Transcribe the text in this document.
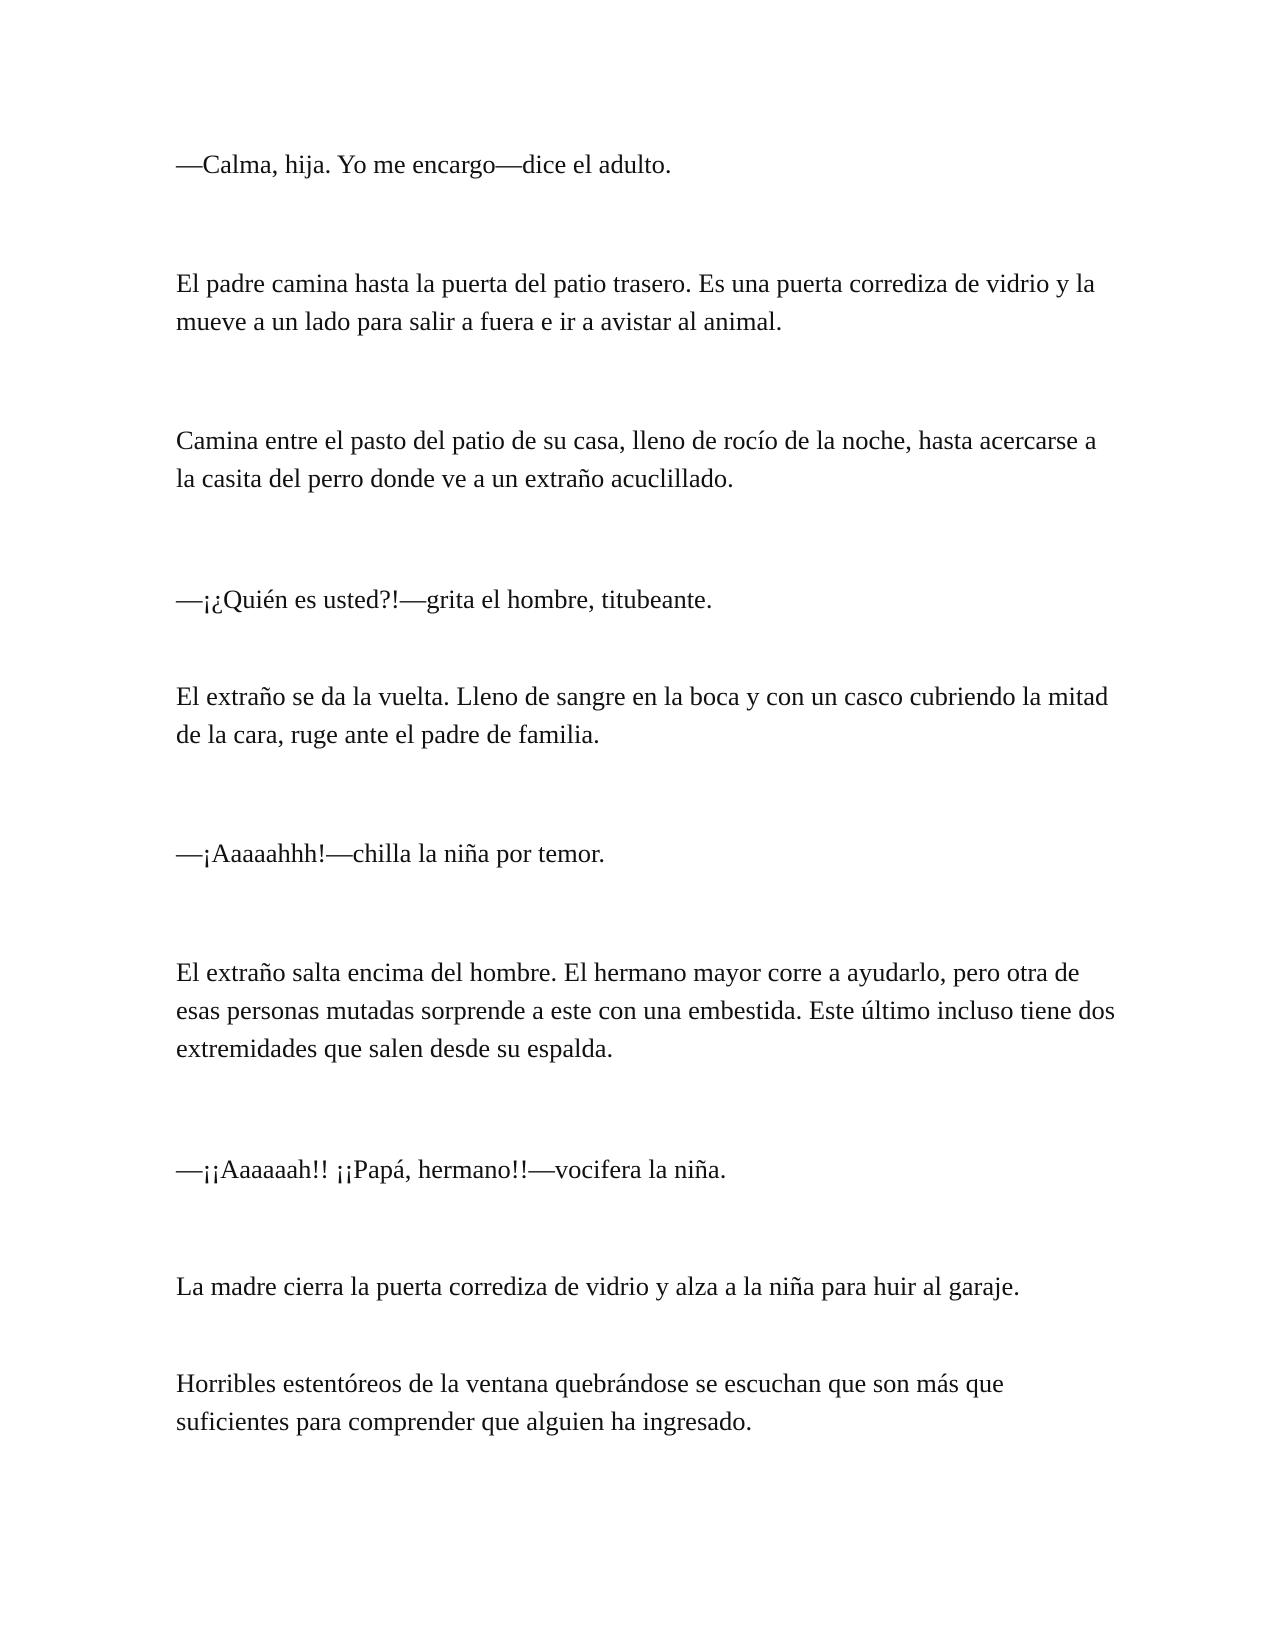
—Calma, hija. Yo me encargo—dice el adulto.

El padre camina hasta la puerta del patio trasero. Es una puerta corrediza de vidrio y la mueve a un lado para salir a fuera e ir a avistar al animal.

Camina entre el pasto del patio de su casa, lleno de rocío de la noche, hasta acercarse a la casita del perro donde ve a un extraño acuclillado.

—¡¿Quién es usted?!—grita el hombre, titubeante.

El extraño se da la vuelta. Lleno de sangre en la boca y con un casco cubriendo la mitad de la cara, ruge ante el padre de familia.

—¡Aaaaahhh!—chilla la niña por temor.

El extraño salta encima del hombre. El hermano mayor corre a ayudarlo, pero otra de esas personas mutadas sorprende a este con una embestida. Este último incluso tiene dos extremidades que salen desde su espalda.

—¡¡Aaaaaah!! ¡¡Papá, hermano!!—vocifera la niña.

La madre cierra la puerta corrediza de vidrio y alza a la niña para huir al garaje.

Horribles estentóreos de la ventana quebrándose se escuchan que son más que suficientes para comprender que alguien ha ingresado.
